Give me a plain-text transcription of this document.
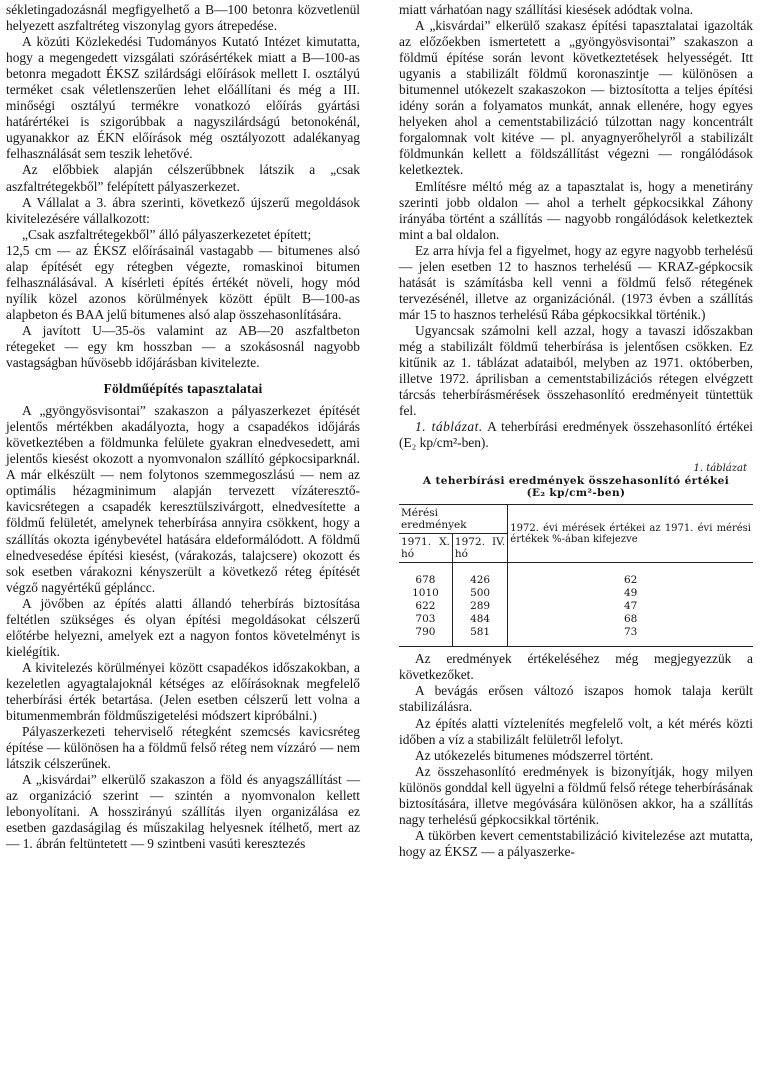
sékletingadozásnál megfigyelhető a B—100 betonra közvetlenül helyezett aszfaltréteg viszonylag gyors átrepedése.

A közúti Közlekedési Tudományos Kutató Intézet kimutatta, hogy a megengedett vizsgálati szórásértékek miatt a B—100-as betonra megadott ÉKSZ szilárdsági előírások mellett I. osztályú terméket csak véletlenszerűen lehet előállítani és még a III. minőségi osztályú termékre vonatkozó előírás gyártási határértékei is szigorúbbak a nagyszilárdságú betonokénál, ugyanakkor az ÉKN előírások még osztályozott adalékanyag felhasználását sem teszik lehetővé.

Az előbbiek alapján célszerűbbnek látszik a „csak aszfaltrétegekből” felépített pályaszerkezet.

A Vállalat a 3. ábra szerinti, következő újszerű megoldások kivitelezésére vállalkozott:

„Csak aszfaltrétegekből” álló pályaszerkezetet épített;

12,5 cm — az ÉKSZ előírásainál vastagabb — bitumenes alsó alap építését egy rétegben végezte, romaskinoi bitumen felhasználásával. A kísérleti építés értékét növeli, hogy mód nyílik közel azonos körülmények között épült B—100-as alapbeton és BAA jelű bitumenes alsó alap összehasonlítására.

A javított U—35-ös valamint az AB—20 aszfaltbeton rétegeket — egy km hosszban — a szokásosnál nagyobb vastagságban hűvösebb időjárásban kivitelezte.

Földműépítés tapasztalatai

A „gyöngyösvisontai” szakaszon a pályaszerkezet építését jelentős mértékben akadályozta, hogy a csapadékos időjárás következtében a földmunka felülete gyakran elnedvesedett, ami jelentős kiesést okozott a nyomvonalon szállító gépkocsiparknál. A már elkészült — nem folytonos szemmegoszlású — nem az optimális hézagminimum alapján tervezett vízáteresztő-kavicsrétegen a csapadék keresztülszivárgott, elnedvesítette a földmű felületét, amelynek teherbírása annyira csökkent, hogy a szállítás okozta igénybevétel hatására eldeformálódott. A földmű elnedvesedése építési kiesést, (várakozás, talajcsere) okozott és sok esetben várakozni kényszerült a következő réteg építését végző nagyértékű gépláncc.

A jövőben az építés alatti állandó teherbírás biztosítása feltétlen szükséges és olyan építési megoldásokat célszerű előtérbe helyezni, amelyek ezt a nagyon fontos követelményt is kielégítik.

A kivitelezés körülményei között csapadékos időszakokban, a kezeletlen agyagtalajoknál kétséges az előírásoknak megfelelő teherbírási érték betartása. (Jelen esetben célszerű lett volna a bitumenmembrán földműszigetelési módszert kipróbálni.)

Pályaszerkezeti teherviselő rétegként szemcsés kavicsréteg építése — különösen ha a földmű felső réteg nem vízzáró — nem látszik célszerűnek.

A „kisvárdai” elkerülő szakaszon a föld és anyagszállítást — az organizáció szerint — szintén a nyomvonalon kellett lebonyolítani. A hosszirányú szállítás ilyen organizálása ez esetben gazdaságilag és műszakilag helyesnek ítélhető, mert az — 1. ábrán feltüntetett — 9 szintbeni vasúti keresztezés

miatt várhatóan nagy szállítási kiesések adódtak volna.

A „kisvárdai” elkerülő szakasz építési tapasztalatai igazolták az előzőekben ismertetett a „gyöngyösvisontai” szakaszon a földmű építése során levont következtetések helyességét. Itt ugyanis a stabilizált földmű koronaszintje — különösen a bitumennel utókezelt szakaszokon — biztosította a teljes építési idény során a folyamatos munkát, annak ellenére, hogy egyes helyeken ahol a cementstabilizáció túlzottan nagy koncentrált forgalomnak volt kitéve — pl. anyagnyerőhelyről a stabilizált földmunkán kellett a földszállítást végezni — rongálódások keletkeztek.

Említésre méltó még az a tapasztalat is, hogy a menetirány szerinti jobb oldalon — ahol a terhelt gépkocsikkal Záhony irányába történt a szállítás — nagyobb rongálódások keletkeztek mint a bal oldalon.

Ez arra hívja fel a figyelmet, hogy az egyre nagyobb terhelésű — jelen esetben 12 to hasznos terhelésű — KRAZ-gépkocsik hatását is számításba kell venni a földmű felső rétegének tervezésénél, illetve az organizációnál. (1973 évben a szállítás már 15 to hasznos terhelésű Rába gépkocsikkal történik.)

Ugyancsak számolni kell azzal, hogy a tavaszi időszakban még a stabilizált földmű teherbírása is jelentősen csökken. Ez kitűnik az 1. táblázat adataiból, melyben az 1971. októberben, illetve 1972. áprilisban a cementstabilizációs rétegen elvégzett tárcsás teherbírásmérések összehasonlító eredményeit tüntettük fel.

1. táblázat. A teherbírási eredmények összehasonlító értékei (E₂ kp/cm²-ben).

1. táblázat
A teherbírási eredmények összehasonlító értékei
(E₂ kp/cm²-ben)
Mérési eredmények		1972. évi mérések értékei az 1971. évi mérési értékek %-ában kifejezve
1971. X. hó	1972. IV. hó	
678	426	62
1010	500	49
622	289	47
703	484	68
790	581	73

Az eredmények értékeléséhez még megjegyezzük a következőket.

A bevágás erősen változó iszapos homok talaja került stabilizálásra.

Az építés alatti víztelenítés megfelelő volt, a két mérés közti időben a víz a stabilizált felületről lefolyt.

Az utókezelés bitumenes módszerrel történt.

Az összehasonlító eredmények is bizonyítják, hogy milyen különös gonddal kell ügyelni a földmű felső rétege teherbírásának biztosítására, illetve megóvására különösen akkor, ha a szállítás nagy terhelésű gépkocsikkal történik.

A tükörben kevert cementstabilizáció kivitelezése azt mutatta, hogy az ÉKSZ — a pályaszerke-
